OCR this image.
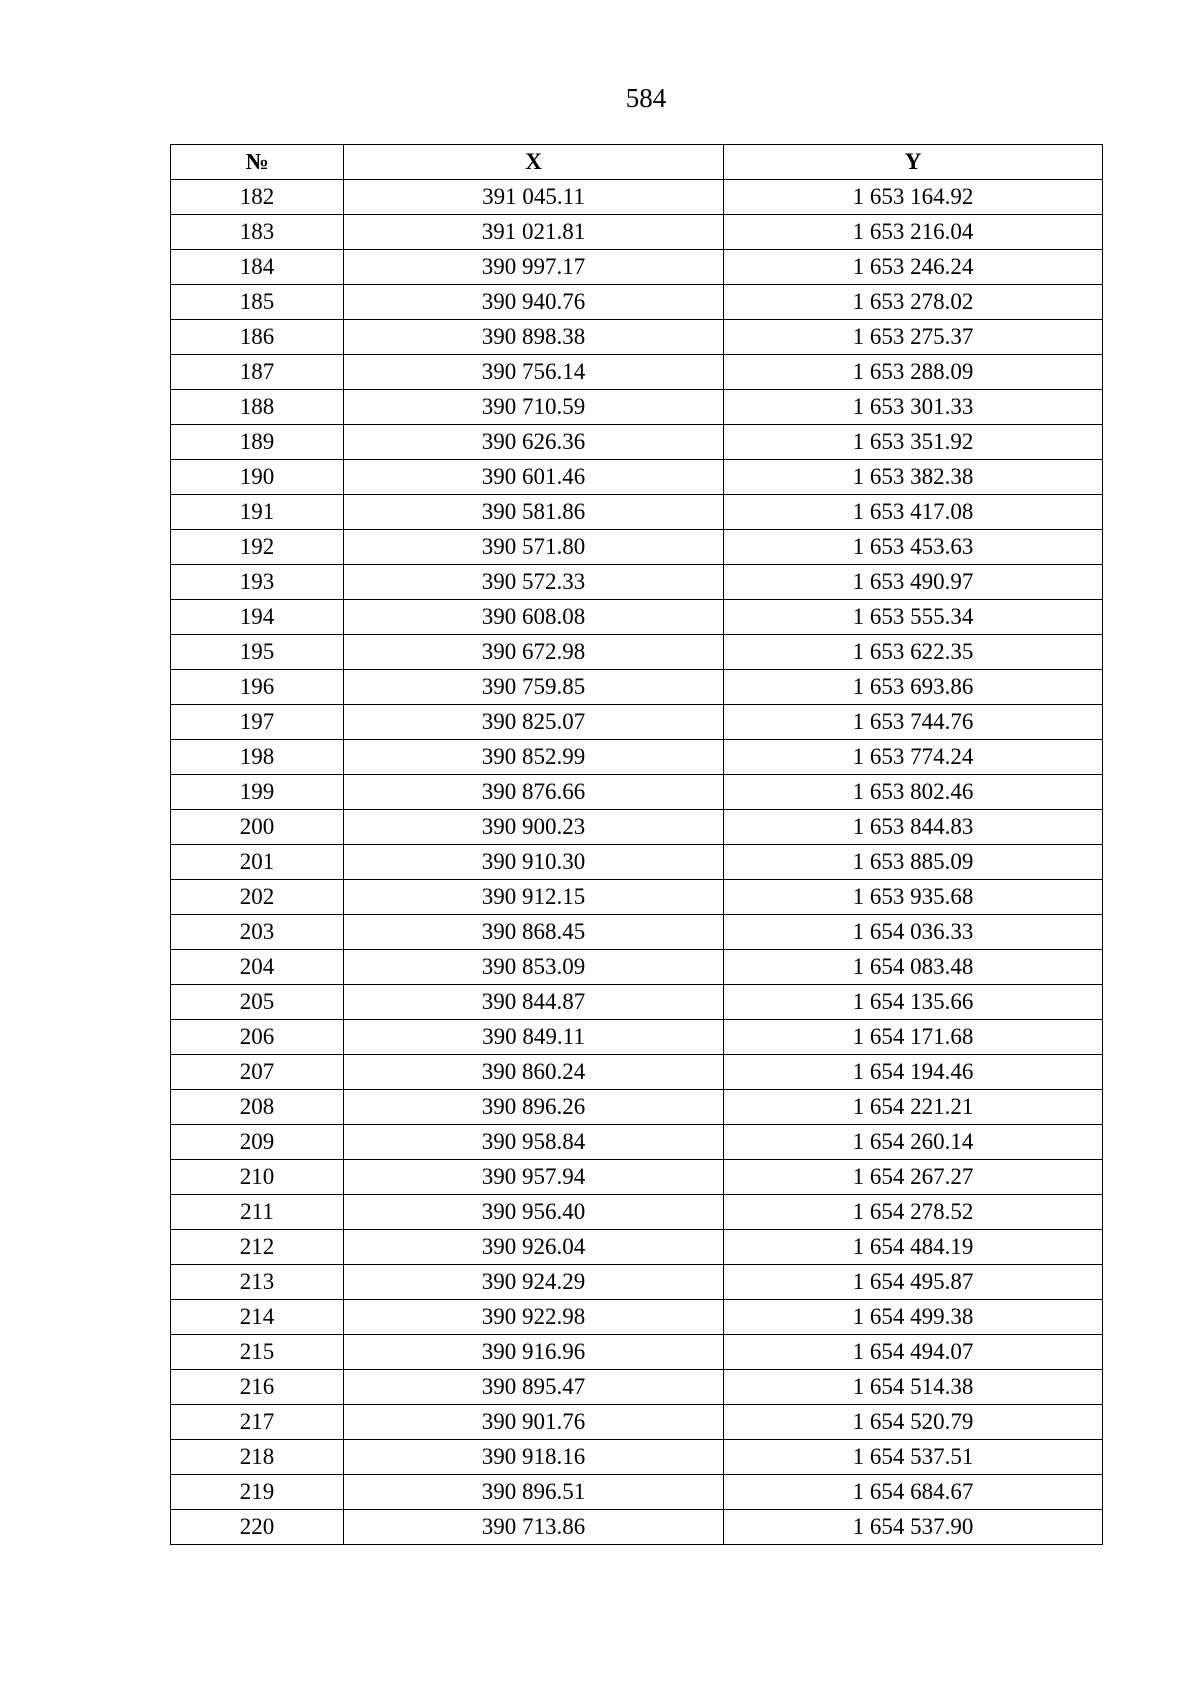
584
№	X	Y
182	391 045.11	1 653 164.92
183	391 021.81	1 653 216.04
184	390 997.17	1 653 246.24
185	390 940.76	1 653 278.02
186	390 898.38	1 653 275.37
187	390 756.14	1 653 288.09
188	390 710.59	1 653 301.33
189	390 626.36	1 653 351.92
190	390 601.46	1 653 382.38
191	390 581.86	1 653 417.08
192	390 571.80	1 653 453.63
193	390 572.33	1 653 490.97
194	390 608.08	1 653 555.34
195	390 672.98	1 653 622.35
196	390 759.85	1 653 693.86
197	390 825.07	1 653 744.76
198	390 852.99	1 653 774.24
199	390 876.66	1 653 802.46
200	390 900.23	1 653 844.83
201	390 910.30	1 653 885.09
202	390 912.15	1 653 935.68
203	390 868.45	1 654 036.33
204	390 853.09	1 654 083.48
205	390 844.87	1 654 135.66
206	390 849.11	1 654 171.68
207	390 860.24	1 654 194.46
208	390 896.26	1 654 221.21
209	390 958.84	1 654 260.14
210	390 957.94	1 654 267.27
211	390 956.40	1 654 278.52
212	390 926.04	1 654 484.19
213	390 924.29	1 654 495.87
214	390 922.98	1 654 499.38
215	390 916.96	1 654 494.07
216	390 895.47	1 654 514.38
217	390 901.76	1 654 520.79
218	390 918.16	1 654 537.51
219	390 896.51	1 654 684.67
220	390 713.86	1 654 537.90
